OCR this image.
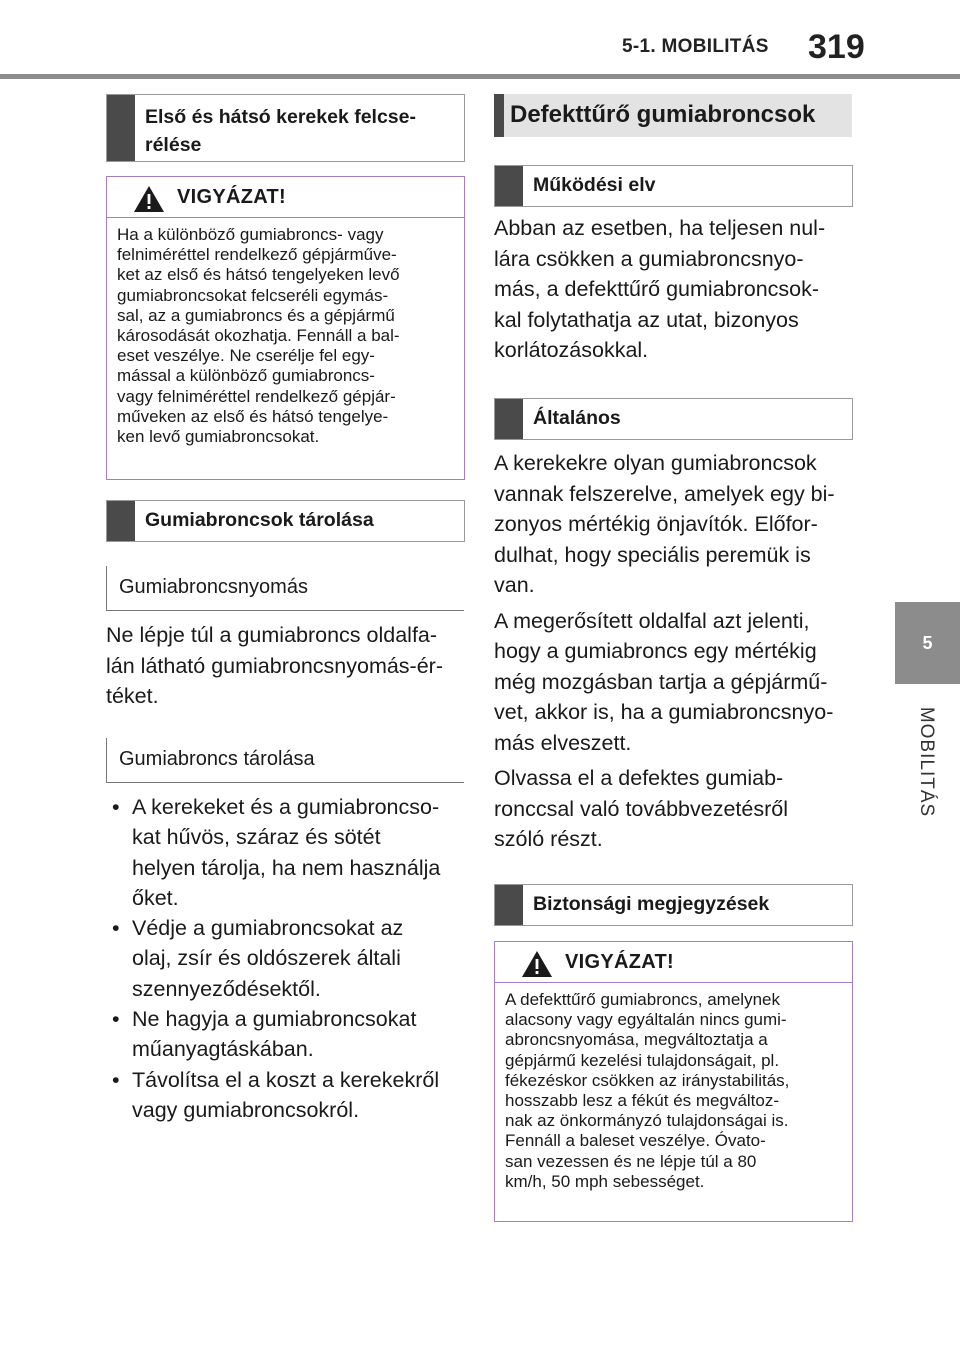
5-1. MOBILITÁS 319
5
MOBILITÁS
Első és hátsó kerekek felcse-
rélése
VIGYÁZAT!
Ha a különböző gumiabroncs- vagy
felniméréttel rendelkező gépjárműve-
ket az első és hátsó tengelyeken levő
gumiabroncsokat felcseréli egymás-
sal, az a gumiabroncs és a gépjármű
károsodását okozhatja. Fennáll a bal-
eset veszélye. Ne cserélje fel egy-
mással a különböző gumiabroncs-
vagy felniméréttel rendelkező gépjár-
műveken az első és hátsó tengelye-
ken levő gumiabroncsokat.
Gumiabroncsok tárolása
Gumiabroncsnyomás
Ne lépje túl a gumiabroncs oldalfa-
lán látható gumiabroncsnyomás-ér-
téket.
Gumiabroncs tárolása
• A kerekeket és a gumiabroncso-
kat hűvös, száraz és sötét
helyen tárolja, ha nem használja
őket.
• Védje a gumiabroncsokat az
olaj, zsír és oldószerek általi
szennyeződésektől.
• Ne hagyja a gumiabroncsokat
műanyagtáskában.
• Távolítsa el a koszt a kerekekről
vagy gumiabroncsokról.
Defekttűrő gumiabroncsok
Működési elv
Abban az esetben, ha teljesen nul-
lára csökken a gumiabroncsnyo-
más, a defekttűrő gumiabroncsok-
kal folytathatja az utat, bizonyos
korlátozásokkal.
Általános

A kerekekre olyan gumiabroncsok
vannak felszerelve, amelyek egy bi-
zonyos mértékig önjavítók. Előfor-
dulhat, hogy speciális peremük is
van.

A megerősített oldalfal azt jelenti,
hogy a gumiabroncs egy mértékig
még mozgásban tartja a gépjármű-
vet, akkor is, ha a gumiabroncsnyo-
más elveszett.

Olvassa el a defektes gumiab-
ronccsal való továbbvezetésről
szóló részt.

Biztonsági megjegyzések
VIGYÁZAT!
A defekttűrő gumiabroncs, amelynek
alacsony vagy egyáltalán nincs gumi-
abroncsnyomása, megváltoztatja a
gépjármű kezelési tulajdonságait, pl.
fékezéskor csökken az iránystabilitás,
hosszabb lesz a fékút és megváltoz-
nak az önkormányzó tulajdonságai is.
Fennáll a baleset veszélye. Óvato-
san vezessen és ne lépje túl a 80
km/h, 50 mph sebességet.
